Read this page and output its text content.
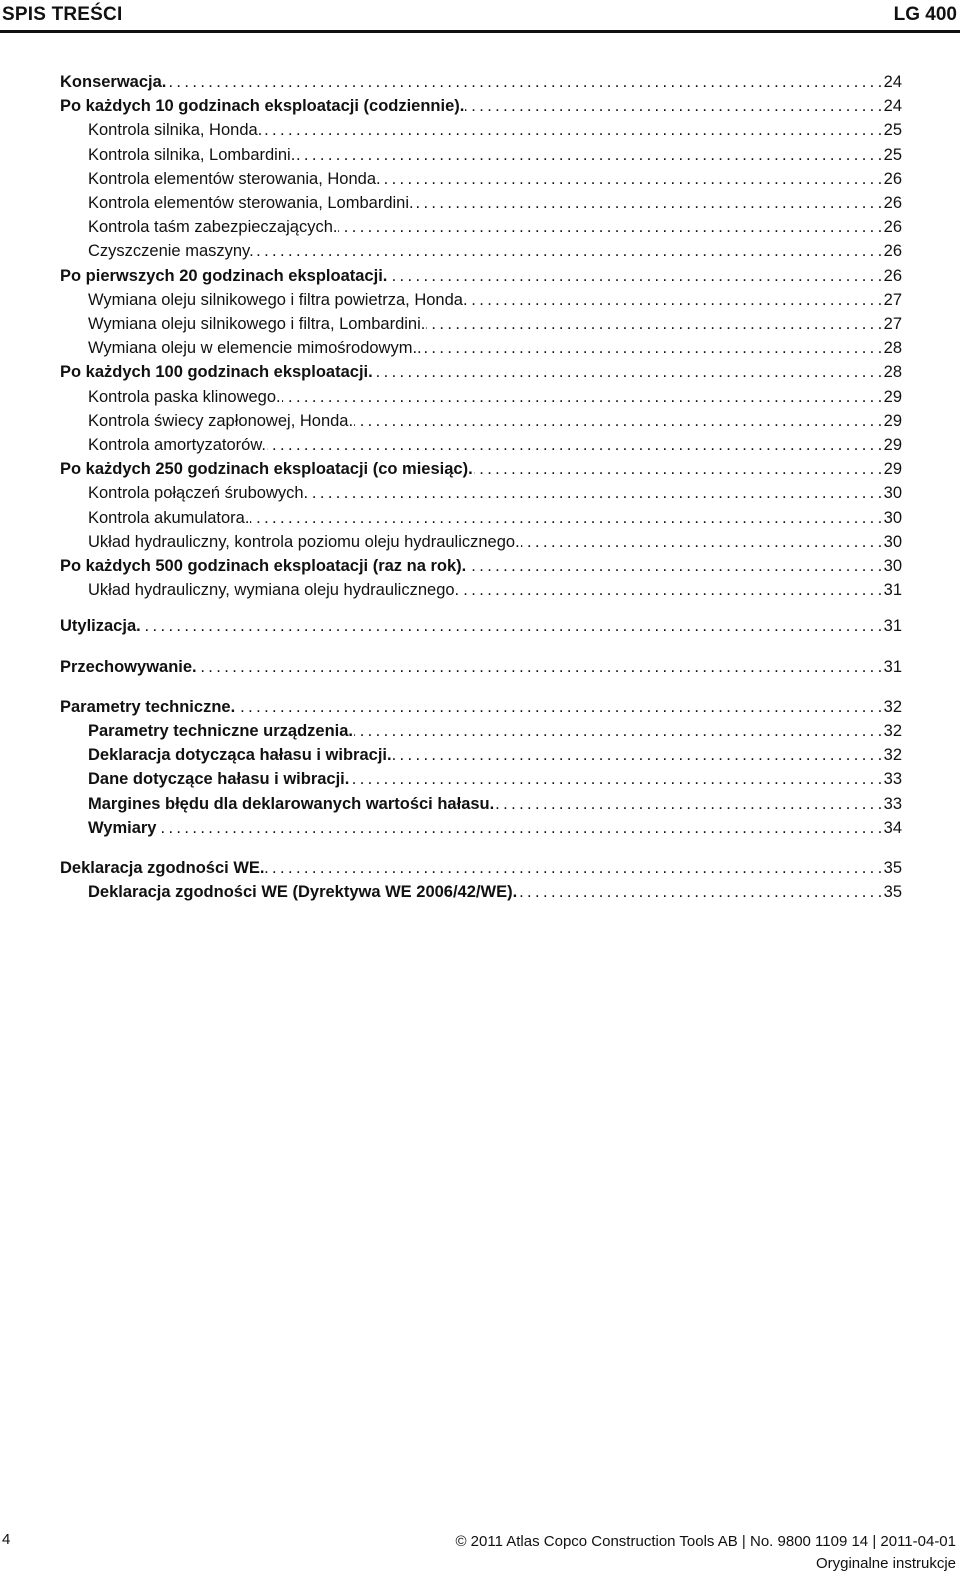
SPIS TREŚCI	LG 400
Konserwacja. . . .	24
Po każdych 10 godzinach eksploatacji (codziennie). . . .	24
Kontrola silnika, Honda. . . .	25
Kontrola silnika, Lombardini. . . .	25
Kontrola elementów sterowania, Honda. . . .	26
Kontrola elementów sterowania, Lombardini. . . .	26
Kontrola taśm zabezpieczających. . . .	26
Czyszczenie maszyny. . . .	26
Po pierwszych 20 godzinach eksploatacji. . . .	26
Wymiana oleju silnikowego i filtra powietrza, Honda. . . .	27
Wymiana oleju silnikowego i filtra, Lombardini. . . .	27
Wymiana oleju w elemencie mimośrodowym.. . . .	28
Po każdych 100 godzinach eksploatacji. . . .	28
Kontrola paska klinowego. . . .	29
Kontrola świecy zapłonowej, Honda. . . .	29
Kontrola amortyzatorów. . . .	29
Po każdych 250 godzinach eksploatacji (co miesiąc). . . .	29
Kontrola połączeń śrubowych. . . .	30
Kontrola akumulatora. . . .	30
Układ hydrauliczny, kontrola poziomu oleju hydraulicznego. . . .	30
Po każdych 500 godzinach eksploatacji (raz na rok). . . .	30
Układ hydrauliczny, wymiana oleju hydraulicznego. . . .	31
Utylizacja. . . .	31
Przechowywanie. . . .	31
Parametry techniczne. . . .	32
Parametry techniczne urządzenia. . . .	32
Deklaracja dotycząca hałasu i wibracji. . . .	32
Dane dotyczące hałasu i wibracji. . . .	33
Margines błędu dla deklarowanych wartości hałasu. . . .	33
Wymiary . . .	34
Deklaracja zgodności WE. . . .	35
Deklaracja zgodności WE (Dyrektywa WE 2006/42/WE). . . .	35
4	© 2011 Atlas Copco Construction Tools AB | No. 9800 1109 14 | 2011-04-01
Oryginalne instrukcje
